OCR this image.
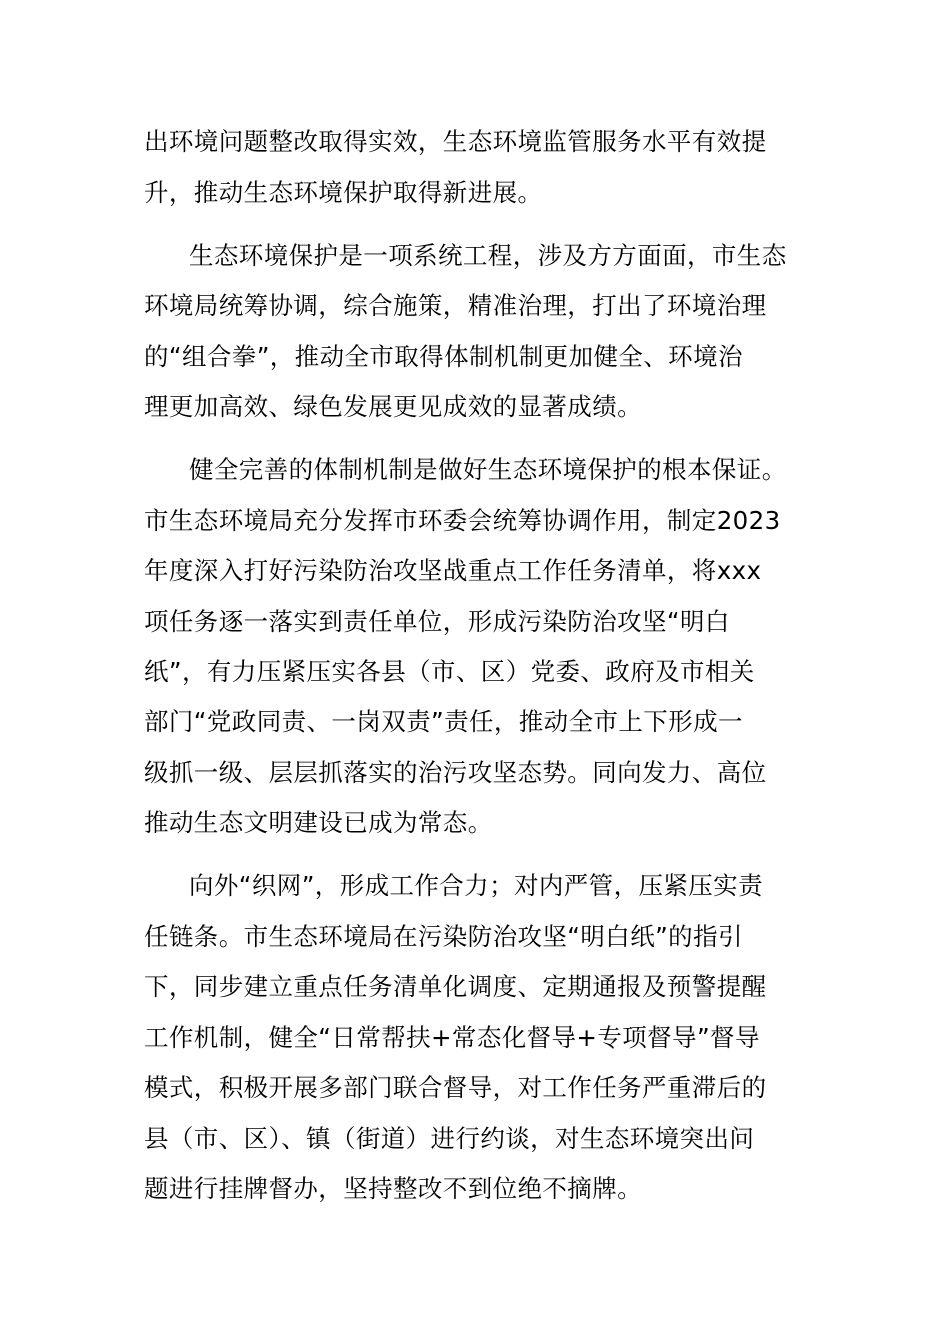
出环境问题整改取得实效，生态环境监管服务水平有效提
升，推动生态环境保护取得新进展。
生态环境保护是一项系统工程，涉及方方面面，市生态
环境局统筹协调，综合施策，精准治理，打出了环境治理
的“组合拳”，推动全市取得体制机制更加健全、环境治
理更加高效、绿色发展更见成效的显著成绩。
健全完善的体制机制是做好生态环境保护的根本保证。
市生态环境局充分发挥市环委会统筹协调作用，制定2023
年度深入打好污染防治攻坚战重点工作任务清单，将xxx
项任务逐一落实到责任单位，形成污染防治攻坚“明白
纸”，有力压紧压实各县（市、区）党委、政府及市相关
部门“党政同责、一岗双责”责任，推动全市上下形成一
级抓一级、层层抓落实的治污攻坚态势。同向发力、高位
推动生态文明建设已成为常态。
向外“织网”，形成工作合力；对内严管，压紧压实责
任链条。市生态环境局在污染防治攻坚“明白纸”的指引
下，同步建立重点任务清单化调度、定期通报及预警提醒
工作机制，健全“日常帮扶+常态化督导+专项督导”督导
模式，积极开展多部门联合督导，对工作任务严重滞后的
县（市、区）、镇（街道）进行约谈，对生态环境突出问
题进行挂牌督办，坚持整改不到位绝不摘牌。
